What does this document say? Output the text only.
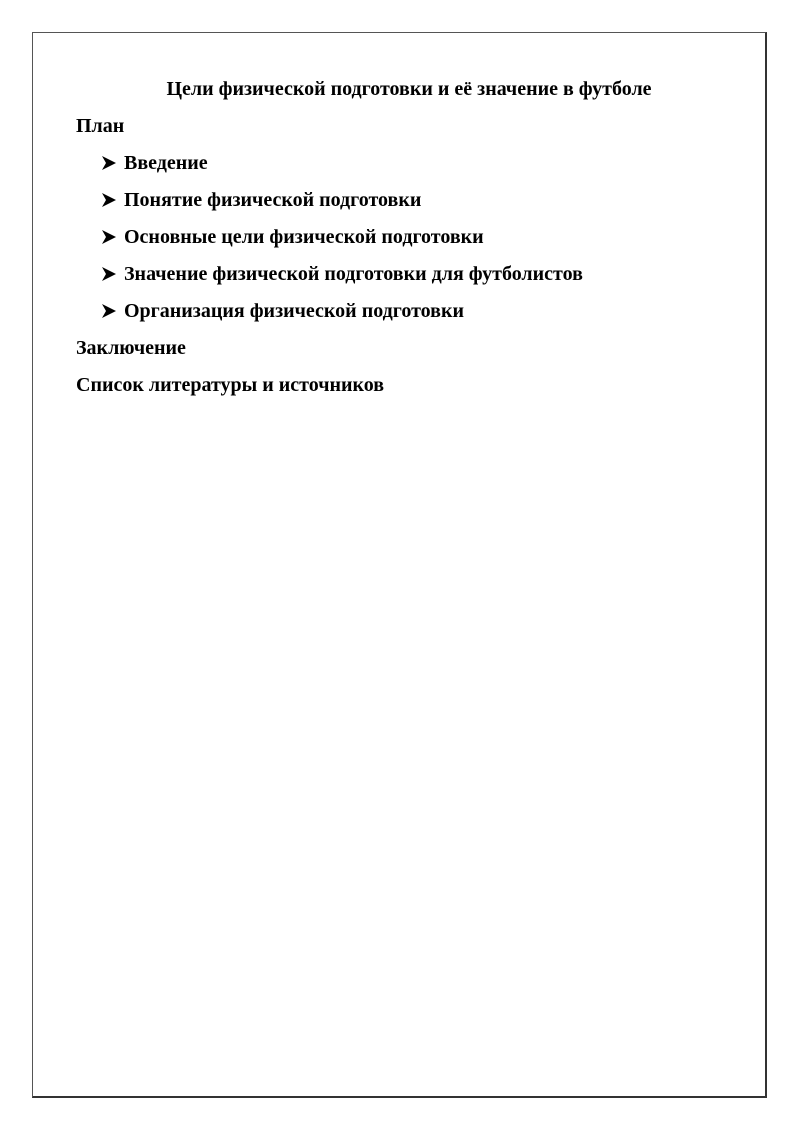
Цели физической подготовки и её значение в футболе
План
Введение
Понятие физической подготовки
Основные цели физической подготовки
Значение физической подготовки для футболистов
Организация физической подготовки
Заключение
Список литературы и источников
